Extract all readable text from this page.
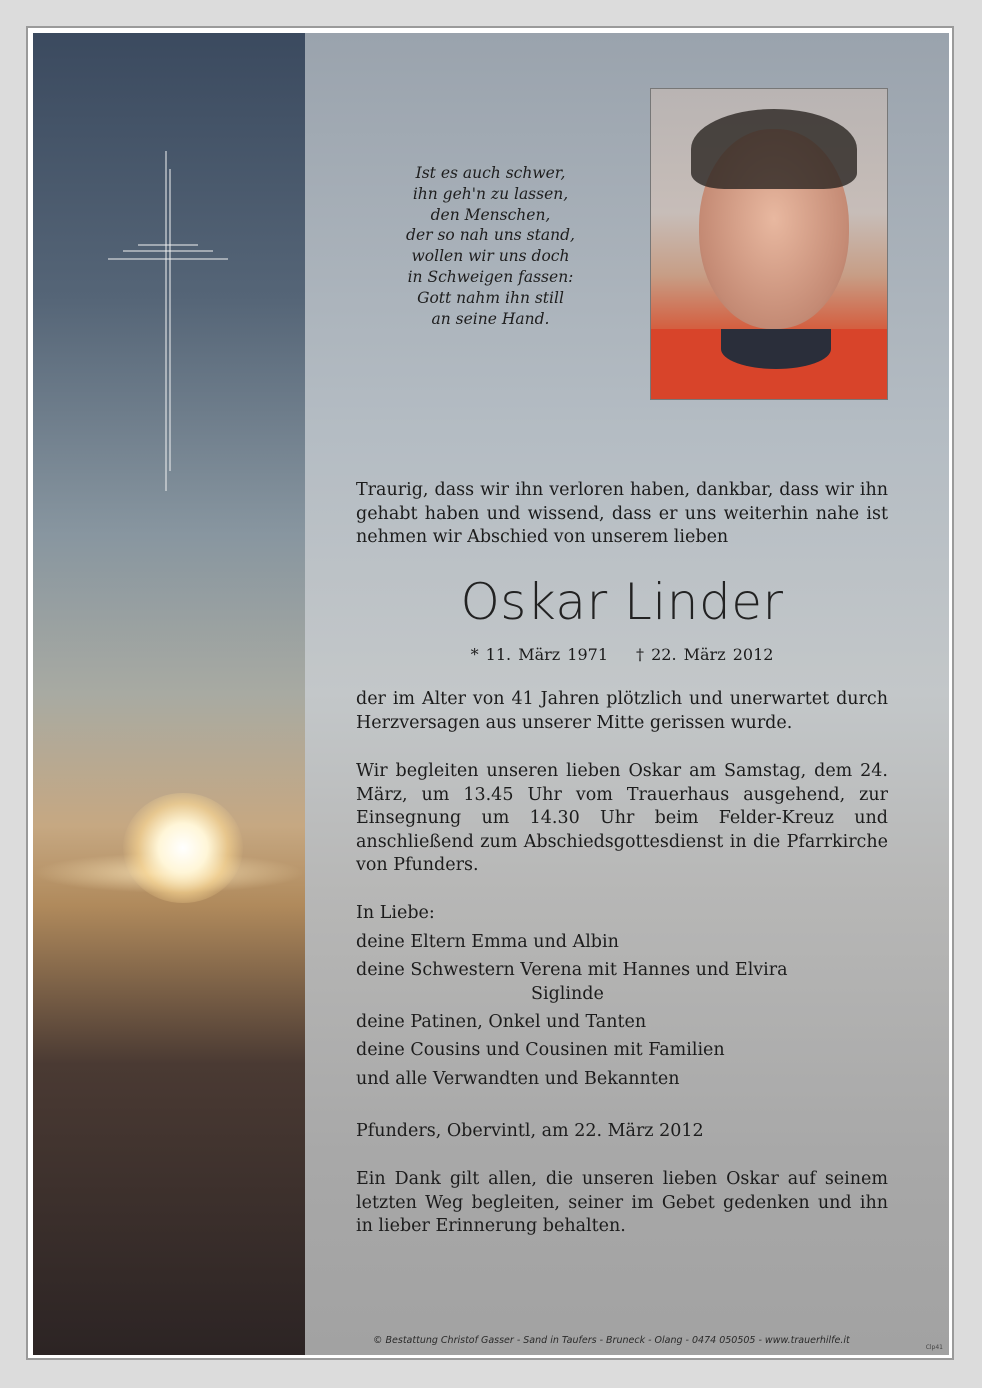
Ist es auch schwer,
ihn geh'n zu lassen,
den Menschen,
der so nah uns stand,
wollen wir uns doch
in Schweigen fassen:
Gott nahm ihn still
an seine Hand.

Traurig, dass wir ihn verloren haben, dankbar, dass wir ihn gehabt haben und wissend, dass er uns weiterhin nahe ist nehmen wir Abschied von unserem lieben

Oskar Linder
* 11. März 1971 † 22. März 2012

der im Alter von 41 Jahren plötzlich und unerwartet durch Herzversagen aus unserer Mitte gerissen wurde.

Wir begleiten unseren lieben Oskar am Samstag, dem 24. März, um 13.45 Uhr vom Trauerhaus ausgehend, zur Einsegnung um 14.30 Uhr beim Felder-Kreuz und anschließend zum Abschiedsgottesdienst in die Pfarrkirche von Pfunders.

In Liebe:
deine Eltern Emma und Albin
deine Schwestern Verena mit Hannes und Elvira
Siglinde
deine Patinen, Onkel und Tanten
deine Cousins und Cousinen mit Familien
und alle Verwandten und Bekannten
Pfunders, Obervintl, am 22. März 2012

Ein Dank gilt allen, die unseren lieben Oskar auf seinem letzten Weg begleiten, seiner im Gebet gedenken und ihn in lieber Erinnerung behalten.

© Bestattung Christof Gasser - Sand in Taufers - Bruneck - Olang - 0474 050505 - www.trauerhilfe.it
Clp41
